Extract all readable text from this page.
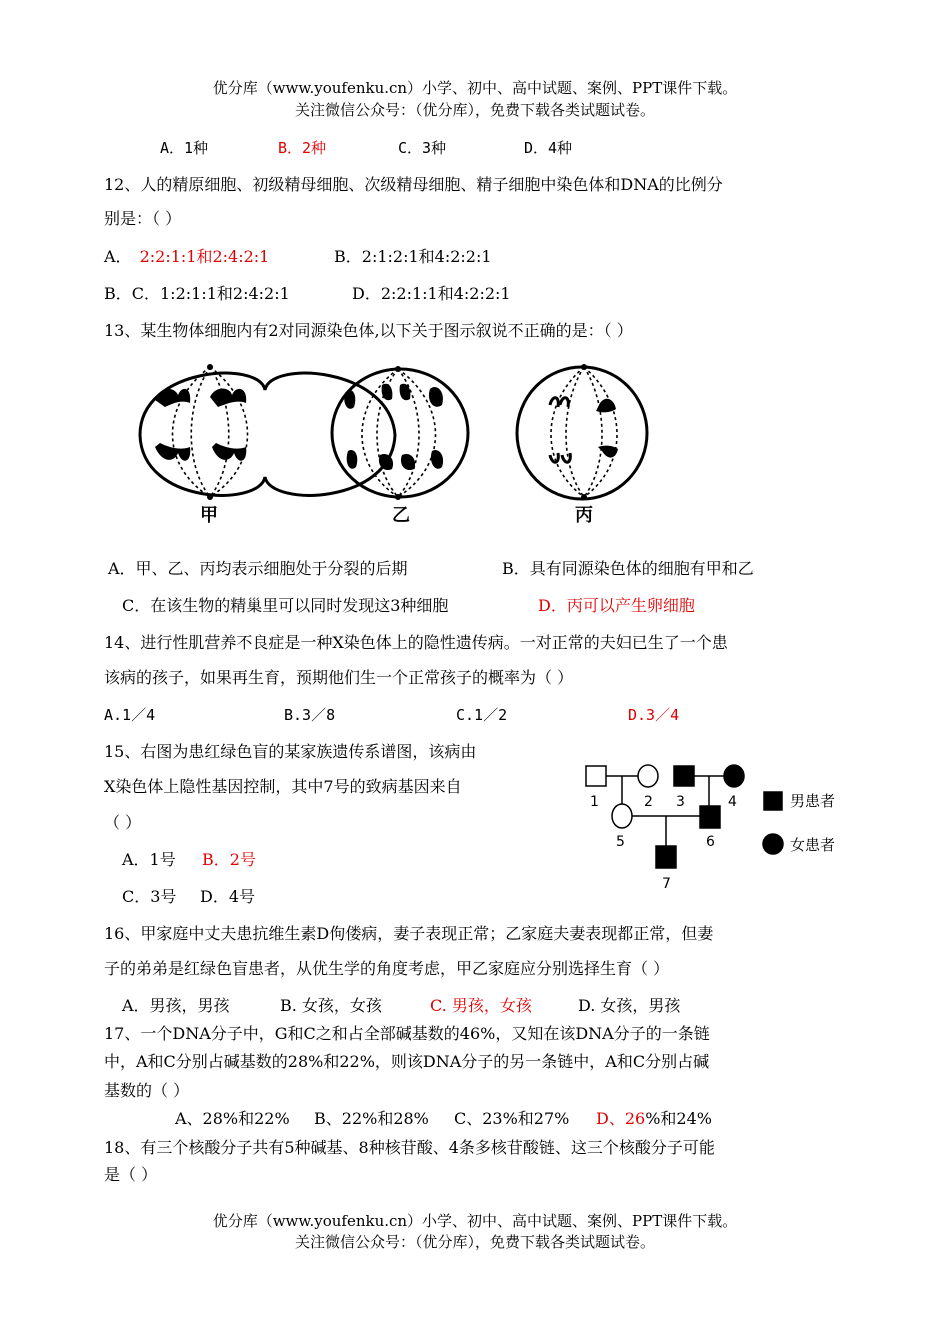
优分库（www.youfenku.cn）小学、初中、高中试题、案例、PPT课件下载。
关注微信公众号：（优分库），免费下载各类试题试卷。
A．1种	B．2种	C．3种	D．4种
12、人的精原细胞、初级精母细胞、次级精母细胞、精子细胞中染色体和DNA的比例分
别是：（ ）
A． 2:2:1:1和2:4:2:1	B．2:1:2:1和4:2:2:1
B．C．1:2:1:1和2:4:2:1	D．2:2:1:1和4:2:2:1
13、某生物体细胞内有2对同源染色体,以下关于图示叙说不正确的是：（ ）
甲	乙	丙
A．甲、乙、丙均表示细胞处于分裂的后期	B．具有同源染色体的细胞有甲和乙
C．在该生物的精巢里可以同时发现这3种细胞	D．丙可以产生卵细胞
14、进行性肌营养不良症是一种X染色体上的隐性遗传病。一对正常的夫妇已生了一个患
该病的孩子，如果再生育，预期他们生一个正常孩子的概率为（ ）
A.1／4	B.3／8	C.1／2	D.3／4
15、右图为患红绿色盲的某家族遗传系谱图，该病由
X染色体上隐性基因控制，其中7号的致病基因来自
（ ）
A．1号 B．2号
C．3号 D．4号
1	2 3	4
5	6
7
男患者
女患者
16、甲家庭中丈夫患抗维生素D佝偻病，妻子表现正常；乙家庭夫妻表现都正常，但妻
子的弟弟是红绿色盲患者，从优生学的角度考虑，甲乙家庭应分别选择生育（ ）
A．男孩，男孩	B. 女孩，女孩	C. 男孩，女孩	D. 女孩，男孩
17、一个DNA分子中，G和C之和占全部碱基数的46%，又知在该DNA分子的一条链
中，A和C分别占碱基数的28%和22%，则该DNA分子的另一条链中，A和C分别占碱
基数的（ ）
A、28%和22% B、22%和28% C、23%和27% D、26%和24%
18、有三个核酸分子共有5种碱基、8种核苷酸、4条多核苷酸链、这三个核酸分子可能
是（ ）
优分库（www.youfenku.cn）小学、初中、高中试题、案例、PPT课件下载。
关注微信公众号：（优分库），免费下载各类试题试卷。
